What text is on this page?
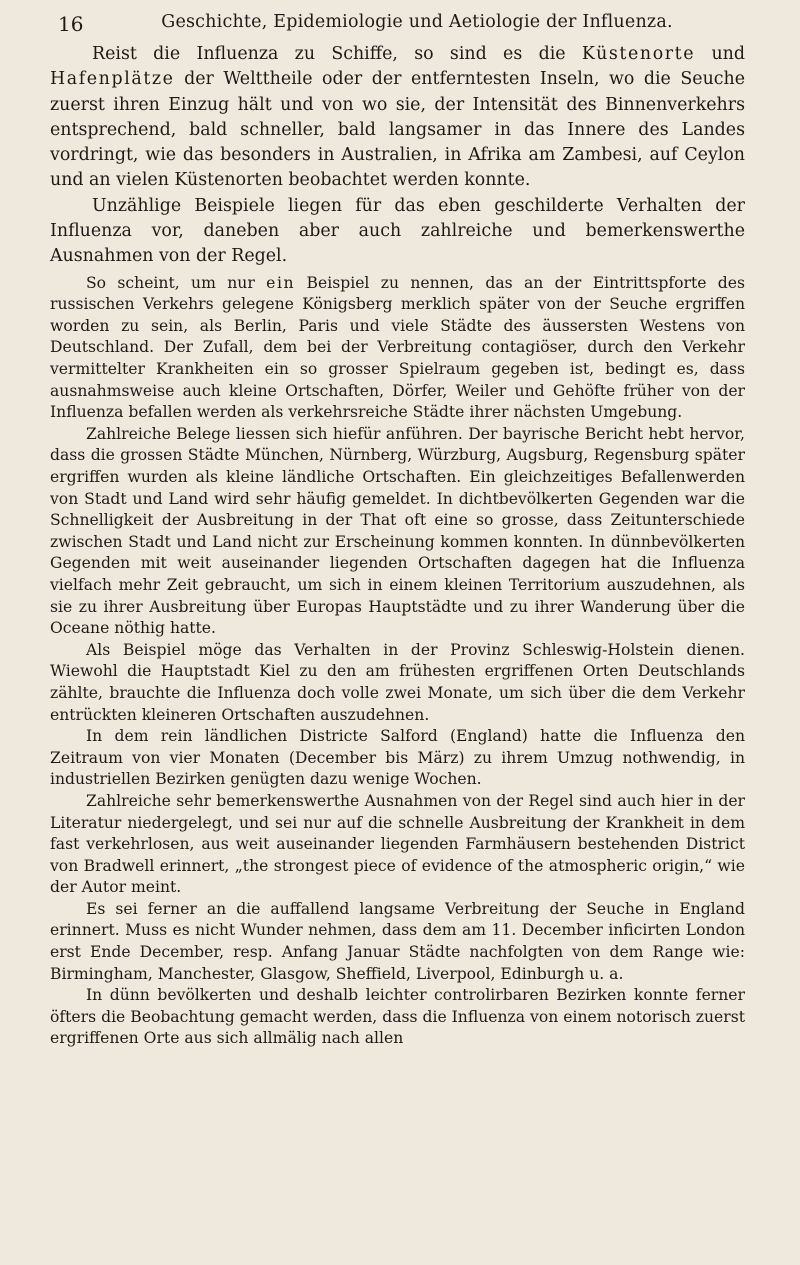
16	Geschichte, Epidemiologie und Aetiologie der Influenza.

Reist die Influenza zu Schiffe, so sind es die Küstenorte und Hafenplätze der Welttheile oder der entferntesten Inseln, wo die Seuche zuerst ihren Einzug hält und von wo sie, der Intensität des Binnenverkehrs entsprechend, bald schneller, bald langsamer in das Innere des Landes vordringt, wie das besonders in Australien, in Afrika am Zambesi, auf Ceylon und an vielen Küstenorten beobachtet werden konnte.

Unzählige Beispiele liegen für das eben geschilderte Verhalten der Influenza vor, daneben aber auch zahlreiche und bemerkenswerthe Ausnahmen von der Regel.

So scheint, um nur ein Beispiel zu nennen, das an der Eintrittspforte des russischen Verkehrs gelegene Königsberg merklich später von der Seuche ergriffen worden zu sein, als Berlin, Paris und viele Städte des äussersten Westens von Deutschland. Der Zufall, dem bei der Verbreitung contagiöser, durch den Verkehr vermittelter Krankheiten ein so grosser Spielraum gegeben ist, bedingt es, dass ausnahmsweise auch kleine Ortschaften, Dörfer, Weiler und Gehöfte früher von der Influenza befallen werden als verkehrsreiche Städte ihrer nächsten Umgebung.

Zahlreiche Belege liessen sich hiefür anführen. Der bayrische Bericht hebt hervor, dass die grossen Städte München, Nürnberg, Würzburg, Augsburg, Regensburg später ergriffen wurden als kleine ländliche Ortschaften. Ein gleichzeitiges Befallenwerden von Stadt und Land wird sehr häufig gemeldet. In dichtbevölkerten Gegenden war die Schnelligkeit der Ausbreitung in der That oft eine so grosse, dass Zeitunterschiede zwischen Stadt und Land nicht zur Erscheinung kommen konnten. In dünnbevölkerten Gegenden mit weit auseinander liegenden Ortschaften dagegen hat die Influenza vielfach mehr Zeit gebraucht, um sich in einem kleinen Territorium auszudehnen, als sie zu ihrer Ausbreitung über Europas Hauptstädte und zu ihrer Wanderung über die Oceane nöthig hatte.

Als Beispiel möge das Verhalten in der Provinz Schleswig-Holstein dienen. Wiewohl die Hauptstadt Kiel zu den am frühesten ergriffenen Orten Deutschlands zählte, brauchte die Influenza doch volle zwei Monate, um sich über die dem Verkehr entrückten kleineren Ortschaften auszudehnen.

In dem rein ländlichen Districte Salford (England) hatte die Influenza den Zeitraum von vier Monaten (December bis März) zu ihrem Umzug nothwendig, in industriellen Bezirken genügten dazu wenige Wochen.

Zahlreiche sehr bemerkenswerthe Ausnahmen von der Regel sind auch hier in der Literatur niedergelegt, und sei nur auf die schnelle Ausbreitung der Krankheit in dem fast verkehrlosen, aus weit auseinander liegenden Farmhäusern bestehenden District von Bradwell erinnert, „the strongest piece of evidence of the atmospheric origin,“ wie der Autor meint.

Es sei ferner an die auffallend langsame Verbreitung der Seuche in England erinnert. Muss es nicht Wunder nehmen, dass dem am 11. December inficirten London erst Ende December, resp. Anfang Januar Städte nachfolgten von dem Range wie: Birmingham, Manchester, Glasgow, Sheffield, Liverpool, Edinburgh u. a.

In dünn bevölkerten und deshalb leichter controlirbaren Bezirken konnte ferner öfters die Beobachtung gemacht werden, dass die Influenza von einem notorisch zuerst ergriffenen Orte aus sich allmälig nach allen
